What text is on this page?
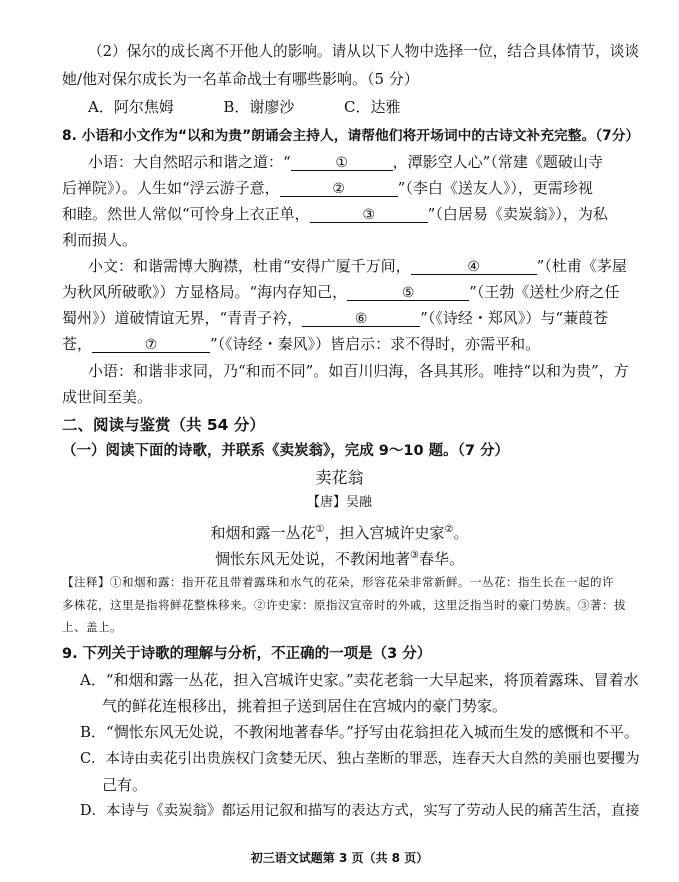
（2）保尔的成长离不开他人的影响。请从以下人物中选择一位，结合具体情节，谈谈
她/他对保尔成长为一名革命战士有哪些影响。（5 分）
A．阿尔焦姆	B．谢廖沙	C．达雅
8. 小语和小文作为“以和为贵”朗诵会主持人，请帮他们将开场词中的古诗文补充完整。（7分）
小语：大自然昭示和谐之道：“	①	，潭影空人心”（常建《题破山寺
后禅院》）。人生如“浮云游子意，	②	”（李白《送友人》），更需珍视
和睦。然世人常似“可怜身上衣正单，	③	”（白居易《卖炭翁》），为私
利而损人。
小文：和谐需博大胸襟，杜甫“安得广厦千万间，	④	”（杜甫《茅屋
为秋风所破歌》）方显格局。“海内存知己，	⑤	”（王勃《送杜少府之任
蜀州》）道破情谊无界，“青青子衿，	⑥	”（《诗经・郑风》）与“蒹葭苍
苍，	⑦	”（《诗经・秦风》）皆启示：求不得时，亦需平和。
小语：和谐非求同，乃“和而不同”。如百川归海，各具其形。唯持“以和为贵”，方
成世间至美。
二、阅读与鉴赏（共 54 分）
（一）阅读下面的诗歌，并联系《卖炭翁》，完成 9～10 题。（7 分）
卖花翁
【唐】吴融
和烟和露一丛花①，担入宫城许史家②。
惆怅东风无处说，不教闲地著③春华。
【注释】①和烟和露：指开花且带着露珠和水气的花朵，形容花朵非常新鲜。一丛花：指生长在一起的许
多株花，这里是指将鲜花整株移来。②许史家：原指汉宣帝时的外戚，这里泛指当时的豪门势族。③著：拔
上、盖上。
9. 下列关于诗歌的理解与分析，不正确的一项是（3 分）
A．“和烟和露一丛花，担入宫城许史家。”卖花老翁一大早起来，将顶着露珠、冒着水
气的鲜花连根移出，挑着担子送到居住在宫城内的豪门势家。
B．“惆怅东风无处说，不教闲地著春华。”抒写由花翁担花入城而生发的感慨和不平。
C．本诗由卖花引出贵族权门贪婪无厌、独占垄断的罪恶，连春天大自然的美丽也要攫为
己有。
D．本诗与《卖炭翁》都运用记叙和描写的表达方式，实写了劳动人民的痛苦生活，直接
初三语文试题第 3 页（共 8 页）
